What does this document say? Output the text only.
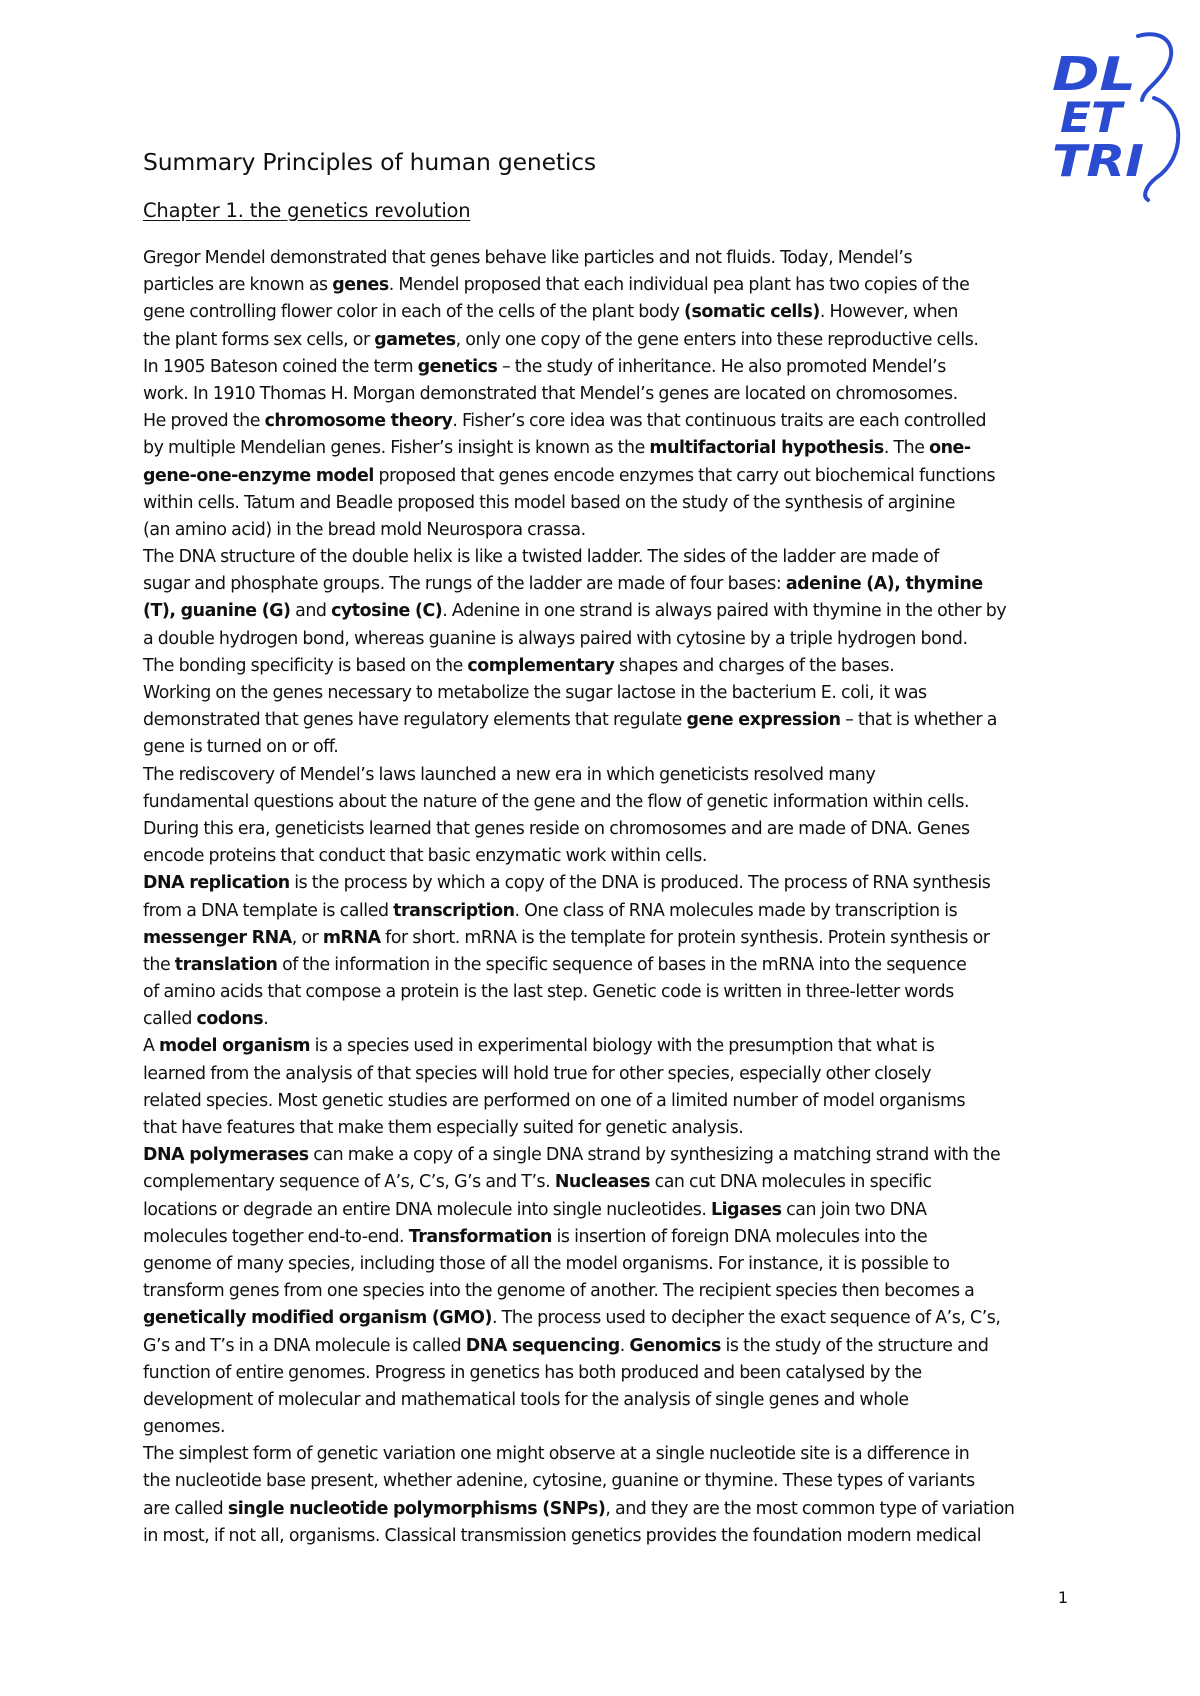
DL
ET
TRI
Summary Principles of human genetics
Chapter 1. the genetics revolution
Gregor Mendel demonstrated that genes behave like particles and not fluids. Today, Mendel’s
particles are known as genes. Mendel proposed that each individual pea plant has two copies of the
gene controlling flower color in each of the cells of the plant body (somatic cells). However, when
the plant forms sex cells, or gametes, only one copy of the gene enters into these reproductive cells.
In 1905 Bateson coined the term genetics – the study of inheritance. He also promoted Mendel’s
work. In 1910 Thomas H. Morgan demonstrated that Mendel’s genes are located on chromosomes.
He proved the chromosome theory. Fisher’s core idea was that continuous traits are each controlled
by multiple Mendelian genes. Fisher’s insight is known as the multifactorial hypothesis. The one-
gene-one-enzyme model proposed that genes encode enzymes that carry out biochemical functions
within cells. Tatum and Beadle proposed this model based on the study of the synthesis of arginine
(an amino acid) in the bread mold Neurospora crassa.
The DNA structure of the double helix is like a twisted ladder. The sides of the ladder are made of
sugar and phosphate groups. The rungs of the ladder are made of four bases: adenine (A), thymine
(T), guanine (G) and cytosine (C). Adenine in one strand is always paired with thymine in the other by
a double hydrogen bond, whereas guanine is always paired with cytosine by a triple hydrogen bond.
The bonding specificity is based on the complementary shapes and charges of the bases.
Working on the genes necessary to metabolize the sugar lactose in the bacterium E. coli, it was
demonstrated that genes have regulatory elements that regulate gene expression – that is whether a
gene is turned on or off.
The rediscovery of Mendel’s laws launched a new era in which geneticists resolved many
fundamental questions about the nature of the gene and the flow of genetic information within cells.
During this era, geneticists learned that genes reside on chromosomes and are made of DNA. Genes
encode proteins that conduct that basic enzymatic work within cells.
DNA replication is the process by which a copy of the DNA is produced. The process of RNA synthesis
from a DNA template is called transcription. One class of RNA molecules made by transcription is
messenger RNA, or mRNA for short. mRNA is the template for protein synthesis. Protein synthesis or
the translation of the information in the specific sequence of bases in the mRNA into the sequence
of amino acids that compose a protein is the last step. Genetic code is written in three-letter words
called codons.
A model organism is a species used in experimental biology with the presumption that what is
learned from the analysis of that species will hold true for other species, especially other closely
related species. Most genetic studies are performed on one of a limited number of model organisms
that have features that make them especially suited for genetic analysis.
DNA polymerases can make a copy of a single DNA strand by synthesizing a matching strand with the
complementary sequence of A’s, C’s, G’s and T’s. Nucleases can cut DNA molecules in specific
locations or degrade an entire DNA molecule into single nucleotides. Ligases can join two DNA
molecules together end-to-end. Transformation is insertion of foreign DNA molecules into the
genome of many species, including those of all the model organisms. For instance, it is possible to
transform genes from one species into the genome of another. The recipient species then becomes a
genetically modified organism (GMO). The process used to decipher the exact sequence of A’s, C’s,
G’s and T’s in a DNA molecule is called DNA sequencing. Genomics is the study of the structure and
function of entire genomes. Progress in genetics has both produced and been catalysed by the
development of molecular and mathematical tools for the analysis of single genes and whole
genomes.
The simplest form of genetic variation one might observe at a single nucleotide site is a difference in
the nucleotide base present, whether adenine, cytosine, guanine or thymine. These types of variants
are called single nucleotide polymorphisms (SNPs), and they are the most common type of variation
in most, if not all, organisms. Classical transmission genetics provides the foundation modern medical
1
